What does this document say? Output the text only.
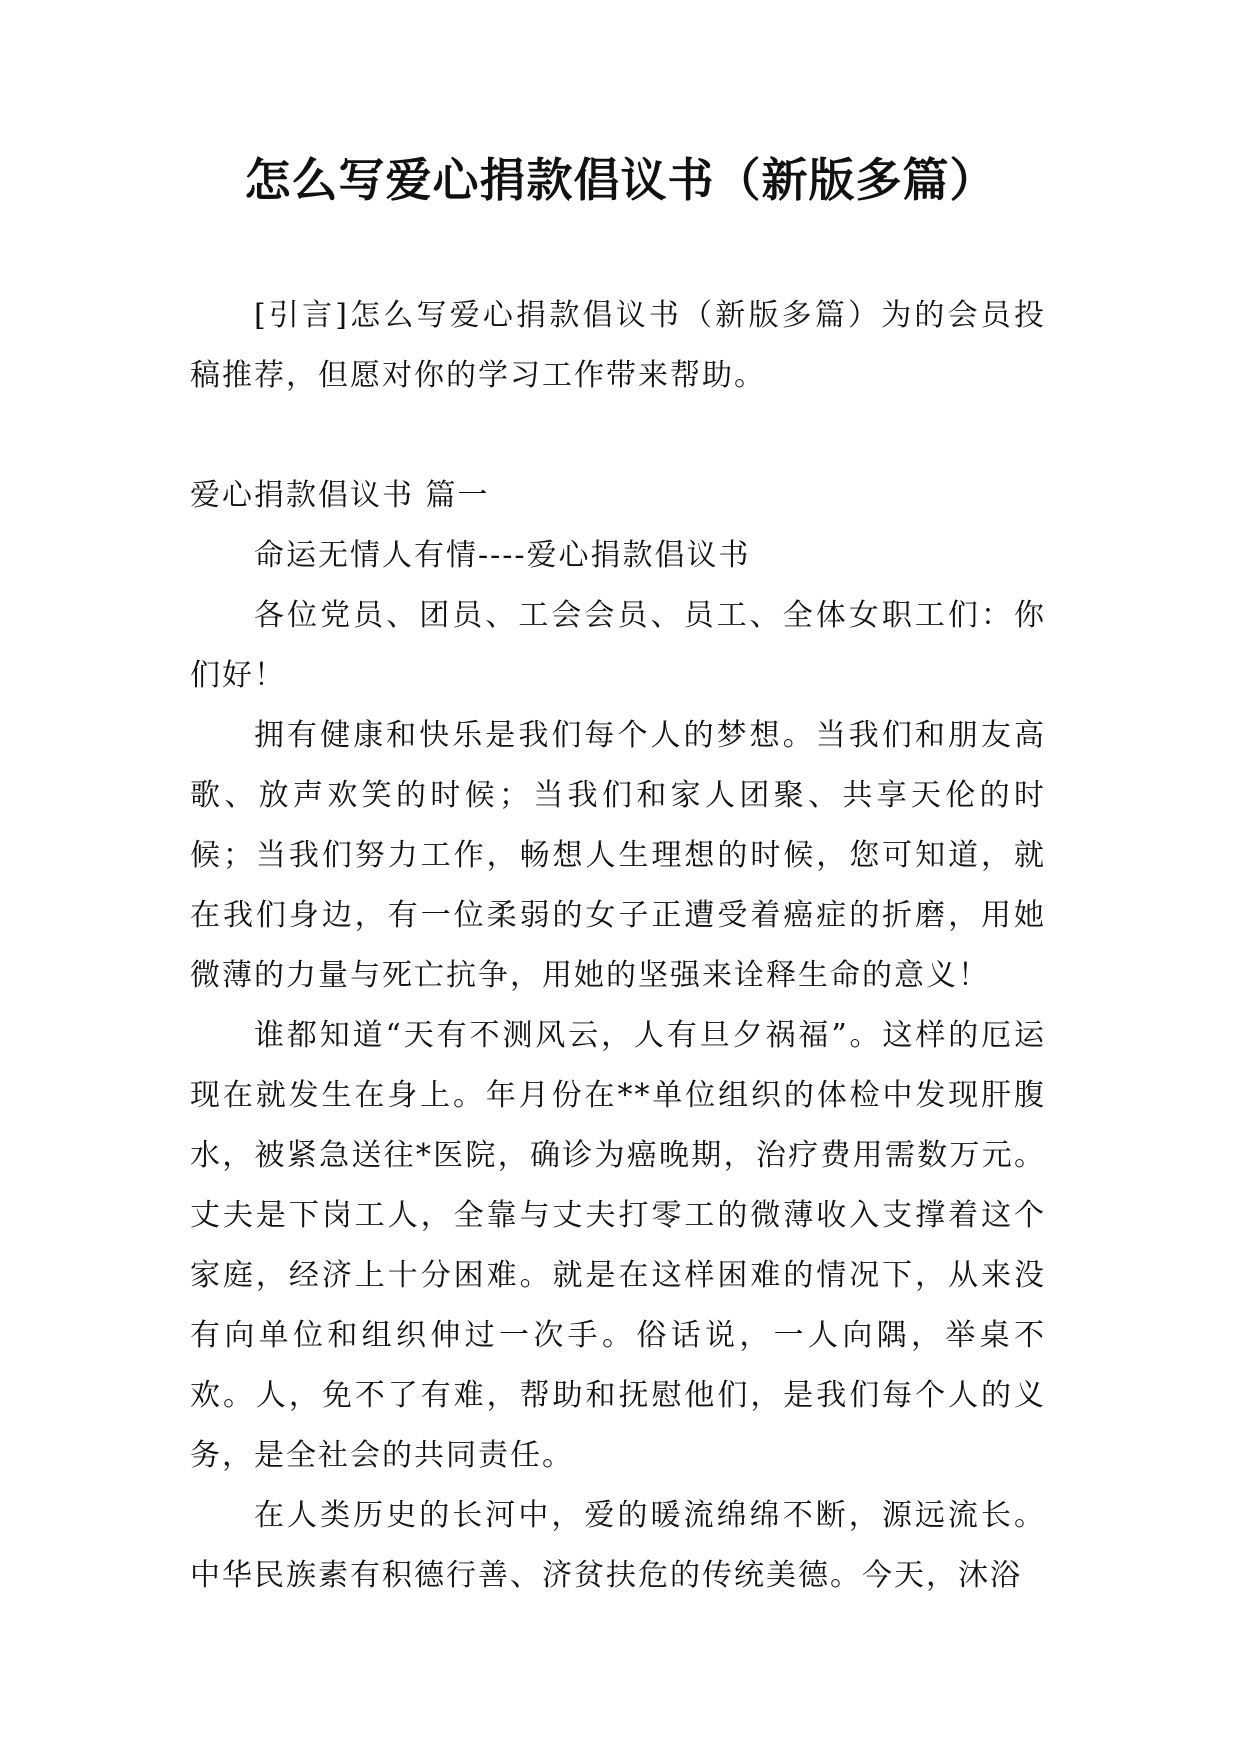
怎么写爱心捐款倡议书（新版多篇）

[引言]怎么写爱心捐款倡议书（新版多篇）为的会员投稿推荐，但愿对你的学习工作带来帮助。

爱心捐款倡议书 篇一

命运无情人有情----爱心捐款倡议书

各位党员、团员、工会会员、员工、全体女职工们：你们好！

拥有健康和快乐是我们每个人的梦想。当我们和朋友高歌、放声欢笑的时候；当我们和家人团聚、共享天伦的时候；当我们努力工作，畅想人生理想的时候，您可知道，就在我们身边，有一位柔弱的女子正遭受着癌症的折磨，用她微薄的力量与死亡抗争，用她的坚强来诠释生命的意义！

谁都知道“天有不测风云，人有旦夕祸福”。这样的厄运现在就发生在身上。年月份在**单位组织的体检中发现肝腹水，被紧急送往*医院，确诊为癌晚期，治疗费用需数万元。丈夫是下岗工人，全靠与丈夫打零工的微薄收入支撑着这个家庭，经济上十分困难。就是在这样困难的情况下，从来没有向单位和组织伸过一次手。俗话说，一人向隅，举桌不欢。人，免不了有难，帮助和抚慰他们，是我们每个人的义务，是全社会的共同责任。

在人类历史的长河中，爱的暖流绵绵不断，源远流长。中华民族素有积德行善、济贫扶危的传统美德。今天，沐浴
